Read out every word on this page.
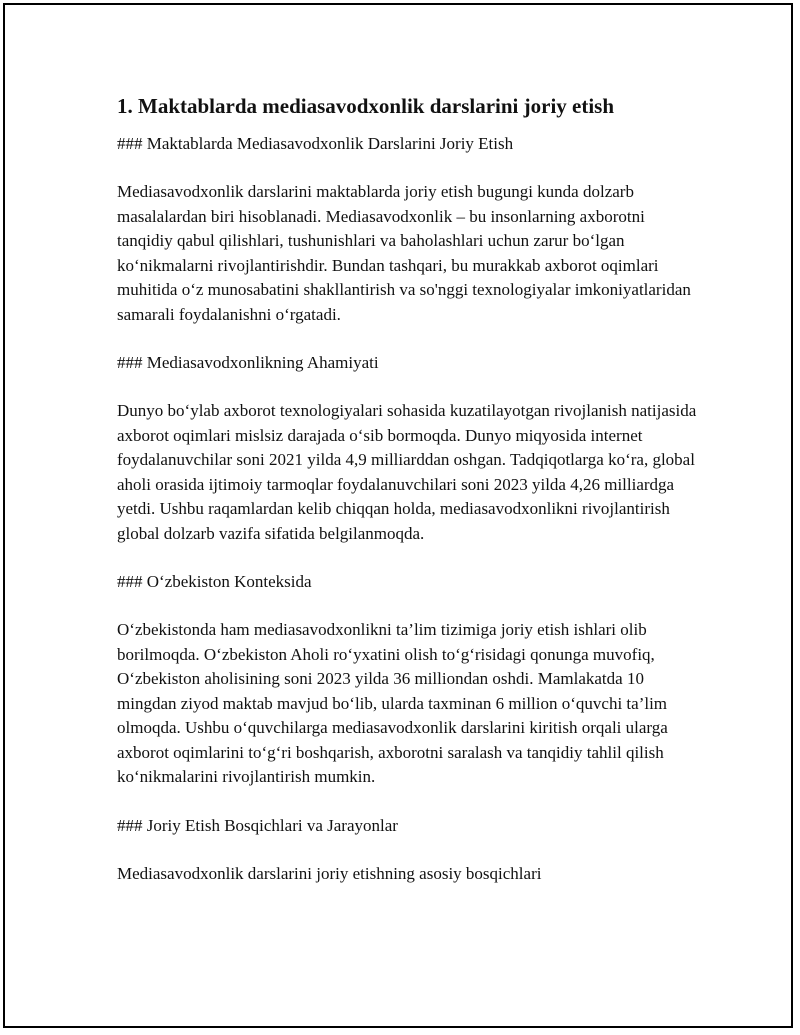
1. Maktablarda mediasavodxonlik darslarini joriy etish

### Maktablarda Mediasavodxonlik Darslarini Joriy Etish

Mediasavodxonlik darslarini maktablarda joriy etish bugungi kunda dolzarb masalalardan biri hisoblanadi. Mediasavodxonlik – bu insonlarning axborotni tanqidiy qabul qilishlari, tushunishlari va baholashlari uchun zarur bo‘lgan ko‘nikmalarni rivojlantirishdir. Bundan tashqari, bu murakkab axborot oqimlari muhitida o‘z munosabatini shakllantirish va so'nggi texnologiyalar imkoniyatlaridan samarali foydalanishni o‘rgatadi.

### Mediasavodxonlikning Ahamiyati

Dunyo bo‘ylab axborot texnologiyalari sohasida kuzatilayotgan rivojlanish natijasida axborot oqimlari mislsiz darajada o‘sib bormoqda. Dunyo miqyosida internet foydalanuvchilar soni 2021 yilda 4,9 milliarddan oshgan. Tadqiqotlarga ko‘ra, global aholi orasida ijtimoiy tarmoqlar foydalanuvchilari soni 2023 yilda 4,26 milliardga yetdi. Ushbu raqamlardan kelib chiqqan holda, mediasavodxonlikni rivojlantirish global dolzarb vazifa sifatida belgilanmoqda.

### O‘zbekiston Konteksida

O‘zbekistonda ham mediasavodxonlikni ta’lim tizimiga joriy etish ishlari olib borilmoqda. O‘zbekiston Aholi ro‘yxatini olish to‘g‘risidagi qonunga muvofiq, O‘zbekiston aholisining soni 2023 yilda 36 milliondan oshdi. Mamlakatda 10 mingdan ziyod maktab mavjud bo‘lib, ularda taxminan 6 million o‘quvchi ta’lim olmoqda. Ushbu o‘quvchilarga mediasavodxonlik darslarini kiritish orqali ularga axborot oqimlarini to‘g‘ri boshqarish, axborotni saralash va tanqidiy tahlil qilish ko‘nikmalarini rivojlantirish mumkin.

### Joriy Etish Bosqichlari va Jarayonlar

Mediasavodxonlik darslarini joriy etishning asosiy bosqichlari
